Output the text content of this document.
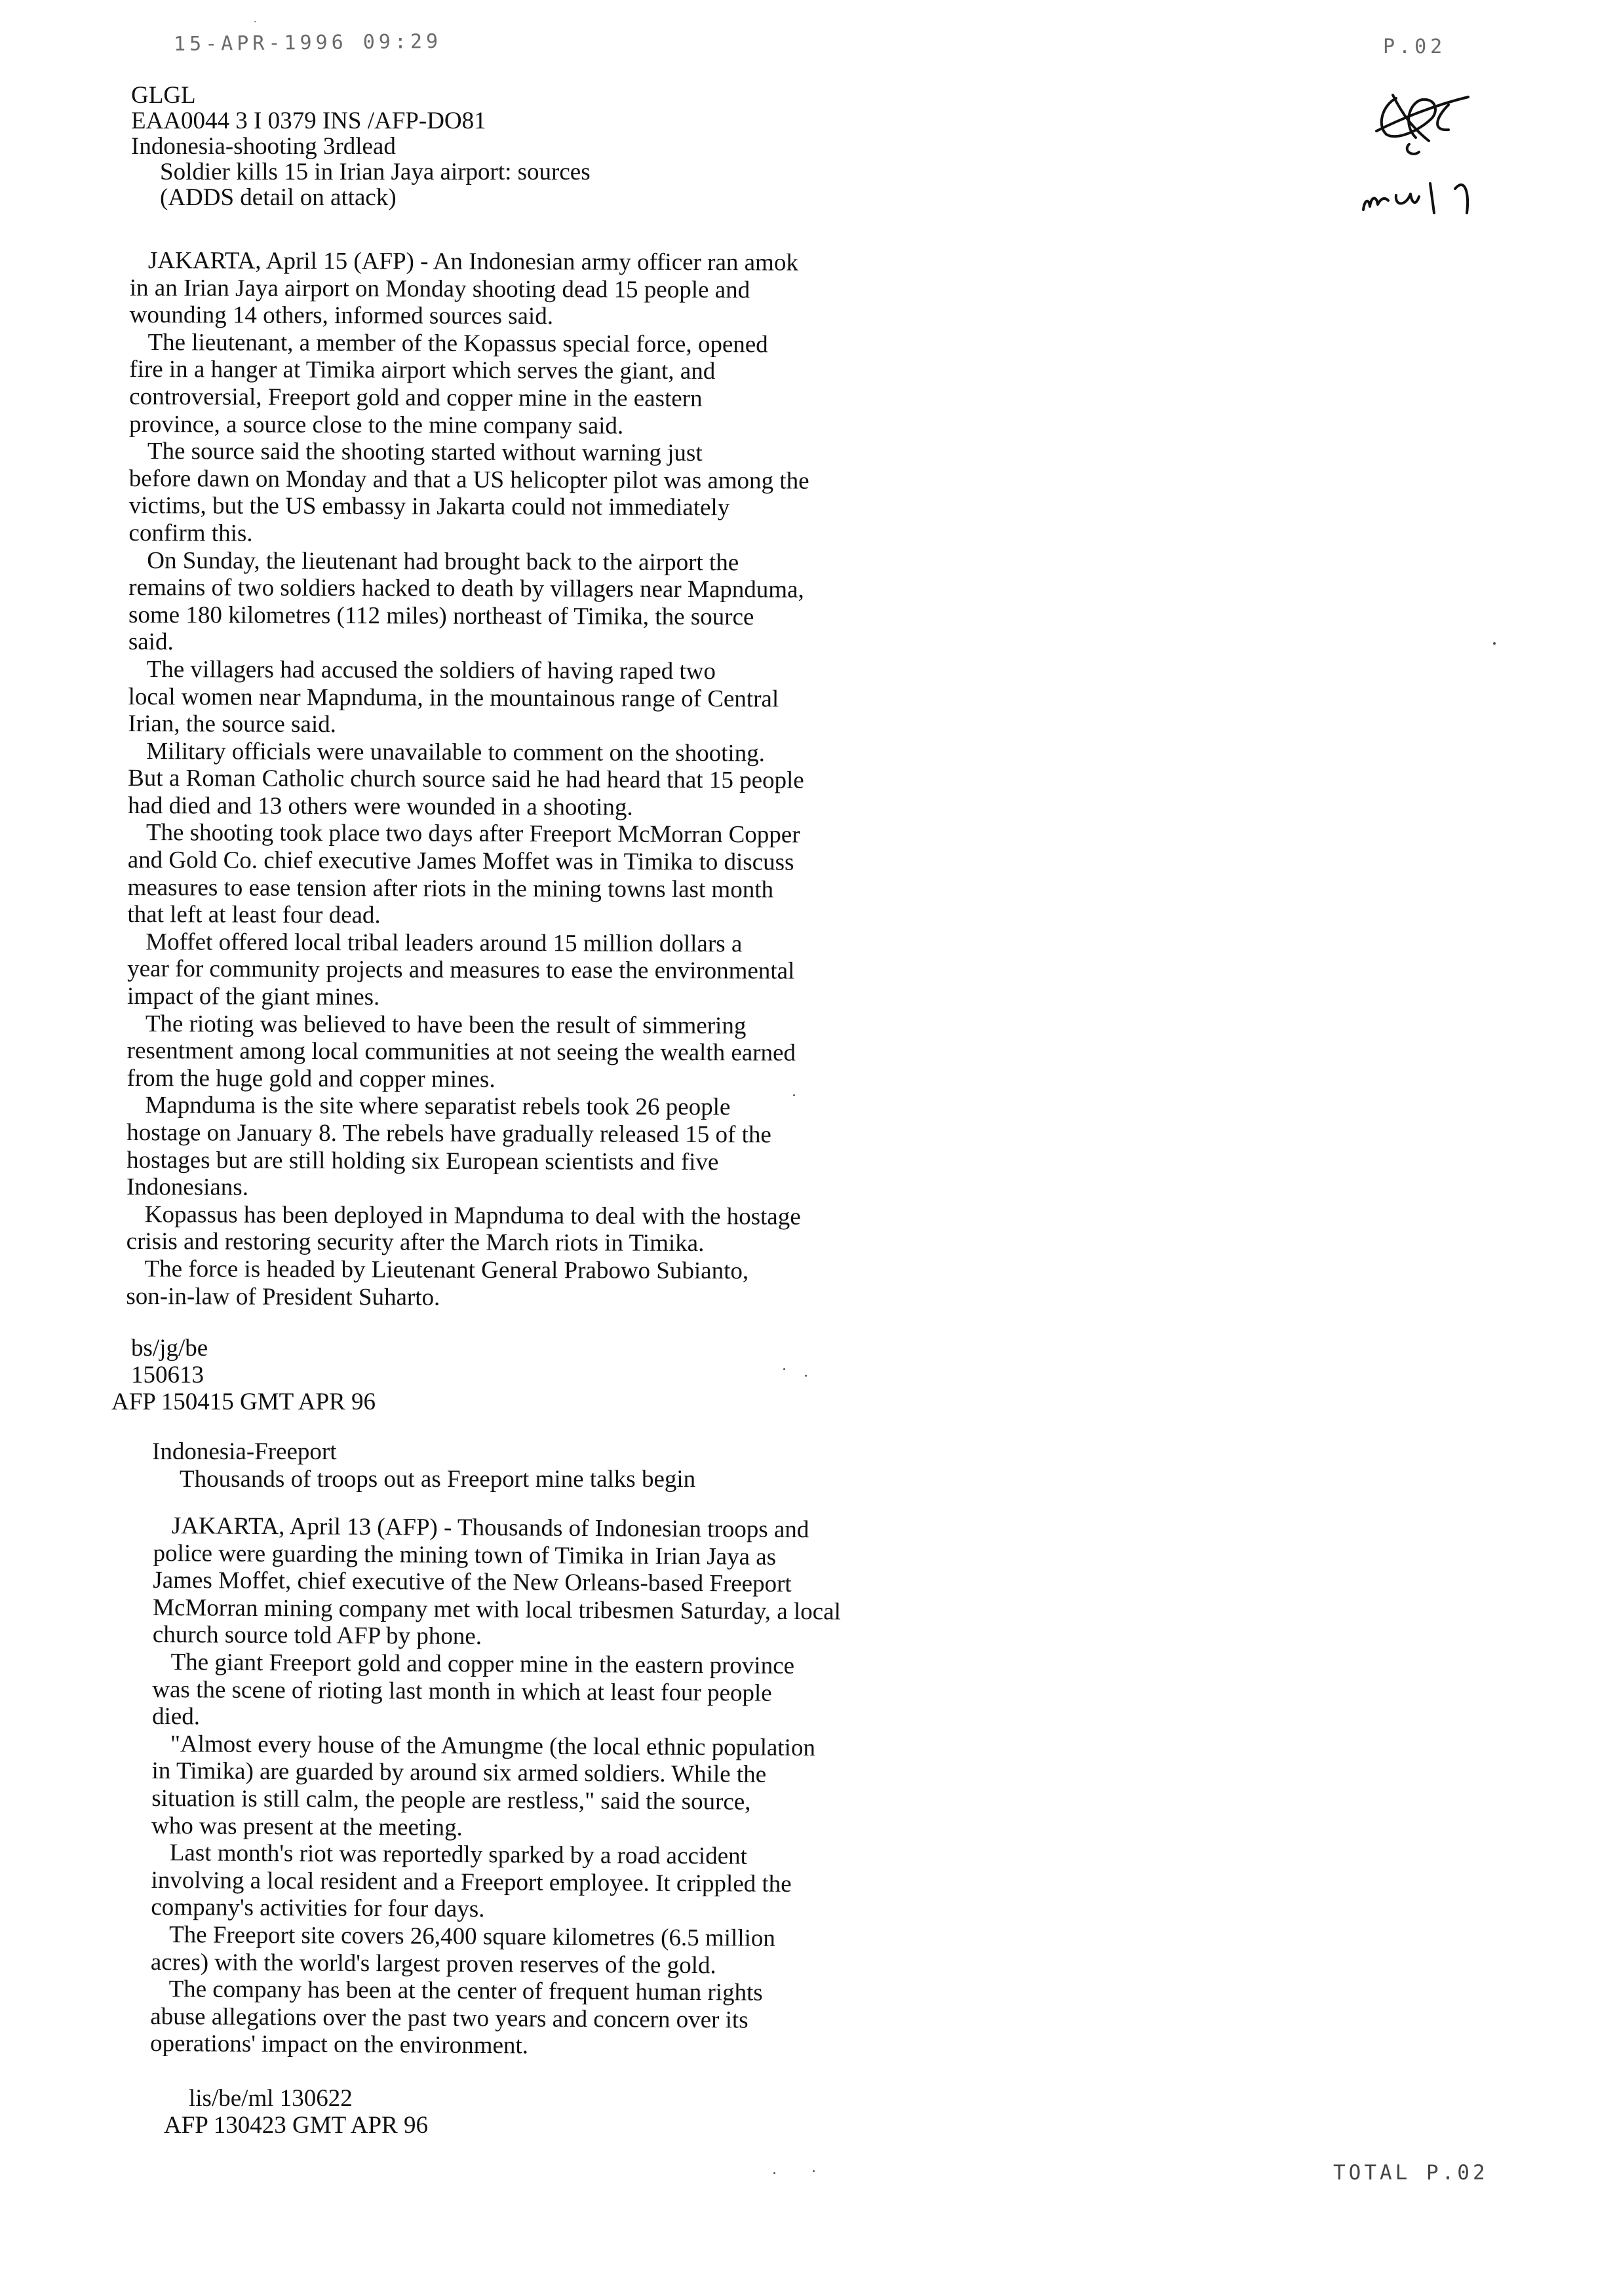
15-APR-1996 09:29	P.02
TOTAL P.02
.
GLGL
EAA0044 3 I 0379 INS /AFP-DO81
Indonesia-shooting 3rdlead
Soldier kills 15 in Irian Jaya airport: sources
(ADDS detail on attack)

JAKARTA, April 15 (AFP) - An Indonesian army officer ran amok

in an Irian Jaya airport on Monday shooting dead 15 people and

wounding 14 others, informed sources said.

The lieutenant, a member of the Kopassus special force, opened

fire in a hanger at Timika airport which serves the giant, and

controversial, Freeport gold and copper mine in the eastern

province, a source close to the mine company said.

The source said the shooting started without warning just

before dawn on Monday and that a US helicopter pilot was among the

victims, but the US embassy in Jakarta could not immediately

confirm this.

On Sunday, the lieutenant had brought back to the airport the

remains of two soldiers hacked to death by villagers near Mapnduma,

some 180 kilometres (112 miles) northeast of Timika, the source

said.

The villagers had accused the soldiers of having raped two

local women near Mapnduma, in the mountainous range of Central

Irian, the source said.

Military officials were unavailable to comment on the shooting.

But a Roman Catholic church source said he had heard that 15 people

had died and 13 others were wounded in a shooting.

The shooting took place two days after Freeport McMorran Copper

and Gold Co. chief executive James Moffet was in Timika to discuss

measures to ease tension after riots in the mining towns last month

that left at least four dead.

Moffet offered local tribal leaders around 15 million dollars a

year for community projects and measures to ease the environmental

impact of the giant mines.

The rioting was believed to have been the result of simmering

resentment among local communities at not seeing the wealth earned

from the huge gold and copper mines.

Mapnduma is the site where separatist rebels took 26 people

hostage on January 8. The rebels have gradually released 15 of the

hostages but are still holding six European scientists and five

Indonesians.

Kopassus has been deployed in Mapnduma to deal with the hostage

crisis and restoring security after the March riots in Timika.

The force is headed by Lieutenant General Prabowo Subianto,

son-in-law of President Suharto.

bs/jg/be
150613
AFP 150415 GMT APR 96
Indonesia-Freeport
Thousands of troops out as Freeport mine talks begin

JAKARTA, April 13 (AFP) - Thousands of Indonesian troops and

police were guarding the mining town of Timika in Irian Jaya as

James Moffet, chief executive of the New Orleans-based Freeport

McMorran mining company met with local tribesmen Saturday, a local

church source told AFP by phone.

The giant Freeport gold and copper mine in the eastern province

was the scene of rioting last month in which at least four people

died.

"Almost every house of the Amungme (the local ethnic population

in Timika) are guarded by around six armed soldiers. While the

situation is still calm, the people are restless," said the source,

who was present at the meeting.

Last month's riot was reportedly sparked by a road accident

involving a local resident and a Freeport employee. It crippled the

company's activities for four days.

The Freeport site covers 26,400 square kilometres (6.5 million

acres) with the world's largest proven reserves of the gold.

The company has been at the center of frequent human rights

abuse allegations over the past two years and concern over its

operations' impact on the environment.

lis/be/ml 130622
AFP 130423 GMT APR 96
